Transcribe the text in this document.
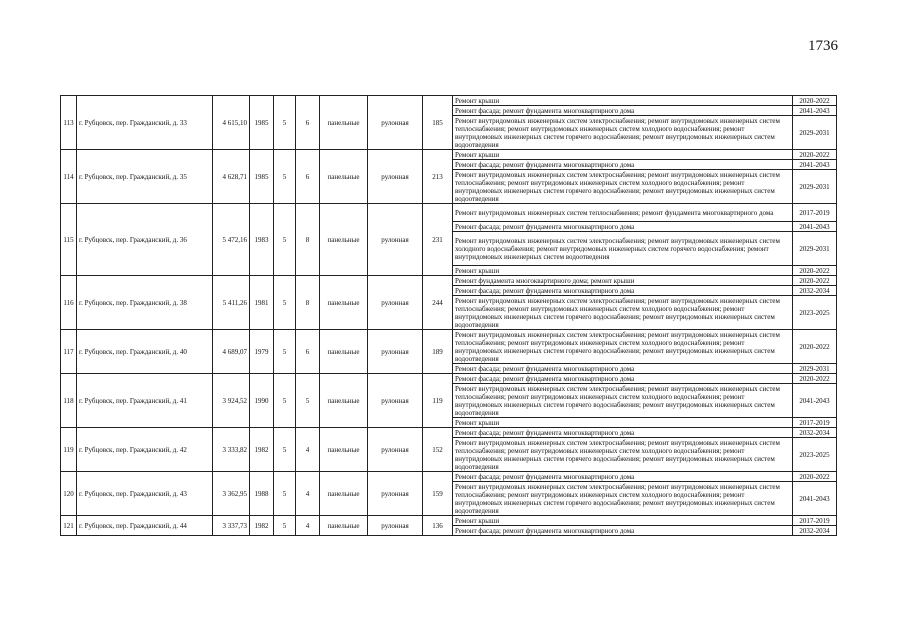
1736
113	г. Рубцовск, пер. Гражданский, д. 33	4 615,10	1985	5	6	панельные	рулонная	185	Ремонт крыши	2020-2022
									Ремонт фасада; ремонт фундамента многоквартирного дома	2041-2043
									Ремонт внутридомовых инженерных систем электроснабжения; ремонт внутридомовых инженерных систем теплоснабжения; ремонт внутридомовых инженерных систем холодного водоснабжения; ремонт внутридомовых инженерных систем горячего водоснабжения; ремонт внутридомовых инженерных систем водоотведения	2029-2031
114	г. Рубцовск, пер. Гражданский, д. 35	4 628,71	1985	5	6	панельные	рулонная	213	Ремонт крыши	2020-2022
									Ремонт фасада; ремонт фундамента многоквартирного дома	2041-2043
									Ремонт внутридомовых инженерных систем электроснабжения; ремонт внутридомовых инженерных систем теплоснабжения; ремонт внутридомовых инженерных систем холодного водоснабжения; ремонт внутридомовых инженерных систем горячего водоснабжения; ремонт внутридомовых инженерных систем водоотведения	2029-2031
115	г. Рубцовск, пер. Гражданский, д. 36	5 472,16	1983	5	8	панельные	рулонная	231	Ремонт внутридомовых инженерных систем теплоснабжения; ремонт фундамента многоквартирного дома	2017-2019
									Ремонт фасада; ремонт фундамента многоквартирного дома	2041-2043
									Ремонт внутридомовых инженерных систем электроснабжения; ремонт внутридомовых инженерных систем холодного водоснабжения; ремонт внутридомовых инженерных систем горячего водоснабжения; ремонт внутридомовых инженерных систем водоотведения	2029-2031
									Ремонт крыши	2020-2022
116	г. Рубцовск, пер. Гражданский, д. 38	5 411,26	1981	5	8	панельные	рулонная	244	Ремонт фундамента многоквартирного дома; ремонт крыши	2020-2022
									Ремонт фасада; ремонт фундамента многоквартирного дома	2032-2034
									Ремонт внутридомовых инженерных систем электроснабжения; ремонт внутридомовых инженерных систем теплоснабжения; ремонт внутридомовых инженерных систем холодного водоснабжения; ремонт внутридомовых инженерных систем горячего водоснабжения; ремонт внутридомовых инженерных систем водоотведения	2023-2025
117	г. Рубцовск, пер. Гражданский, д. 40	4 689,07	1979	5	6	панельные	рулонная	189	Ремонт внутридомовых инженерных систем электроснабжения; ремонт внутридомовых инженерных систем теплоснабжения; ремонт внутридомовых инженерных систем холодного водоснабжения; ремонт внутридомовых инженерных систем горячего водоснабжения; ремонт внутридомовых инженерных систем водоотведения	2020-2022
									Ремонт фасада; ремонт фундамента многоквартирного дома	2029-2031
118	г. Рубцовск, пер. Гражданский, д. 41	3 924,52	1990	5	5	панельные	рулонная	119	Ремонт фасада; ремонт фундамента многоквартирного дома	2020-2022
									Ремонт внутридомовых инженерных систем электроснабжения; ремонт внутридомовых инженерных систем теплоснабжения; ремонт внутридомовых инженерных систем холодного водоснабжения; ремонт внутридомовых инженерных систем горячего водоснабжения; ремонт внутридомовых инженерных систем водоотведения	2041-2043
									Ремонт крыши	2017-2019
119	г. Рубцовск, пер. Гражданский, д. 42	3 333,82	1982	5	4	панельные	рулонная	152	Ремонт фасада; ремонт фундамента многоквартирного дома	2032-2034
									Ремонт внутридомовых инженерных систем электроснабжения; ремонт внутридомовых инженерных систем теплоснабжения; ремонт внутридомовых инженерных систем холодного водоснабжения; ремонт внутридомовых инженерных систем горячего водоснабжения; ремонт внутридомовых инженерных систем водоотведения	2023-2025
120	г. Рубцовск, пер. Гражданский, д. 43	3 362,95	1988	5	4	панельные	рулонная	159	Ремонт фасада; ремонт фундамента многоквартирного дома	2020-2022
									Ремонт внутридомовых инженерных систем электроснабжения; ремонт внутридомовых инженерных систем теплоснабжения; ремонт внутридомовых инженерных систем холодного водоснабжения; ремонт внутридомовых инженерных систем горячего водоснабжения; ремонт внутридомовых инженерных систем водоотведения	2041-2043
121	г. Рубцовск, пер. Гражданский, д. 44	3 337,73	1982	5	4	панельные	рулонная	136	Ремонт крыши	2017-2019
									Ремонт фасада; ремонт фундамента многоквартирного дома	2032-2034
